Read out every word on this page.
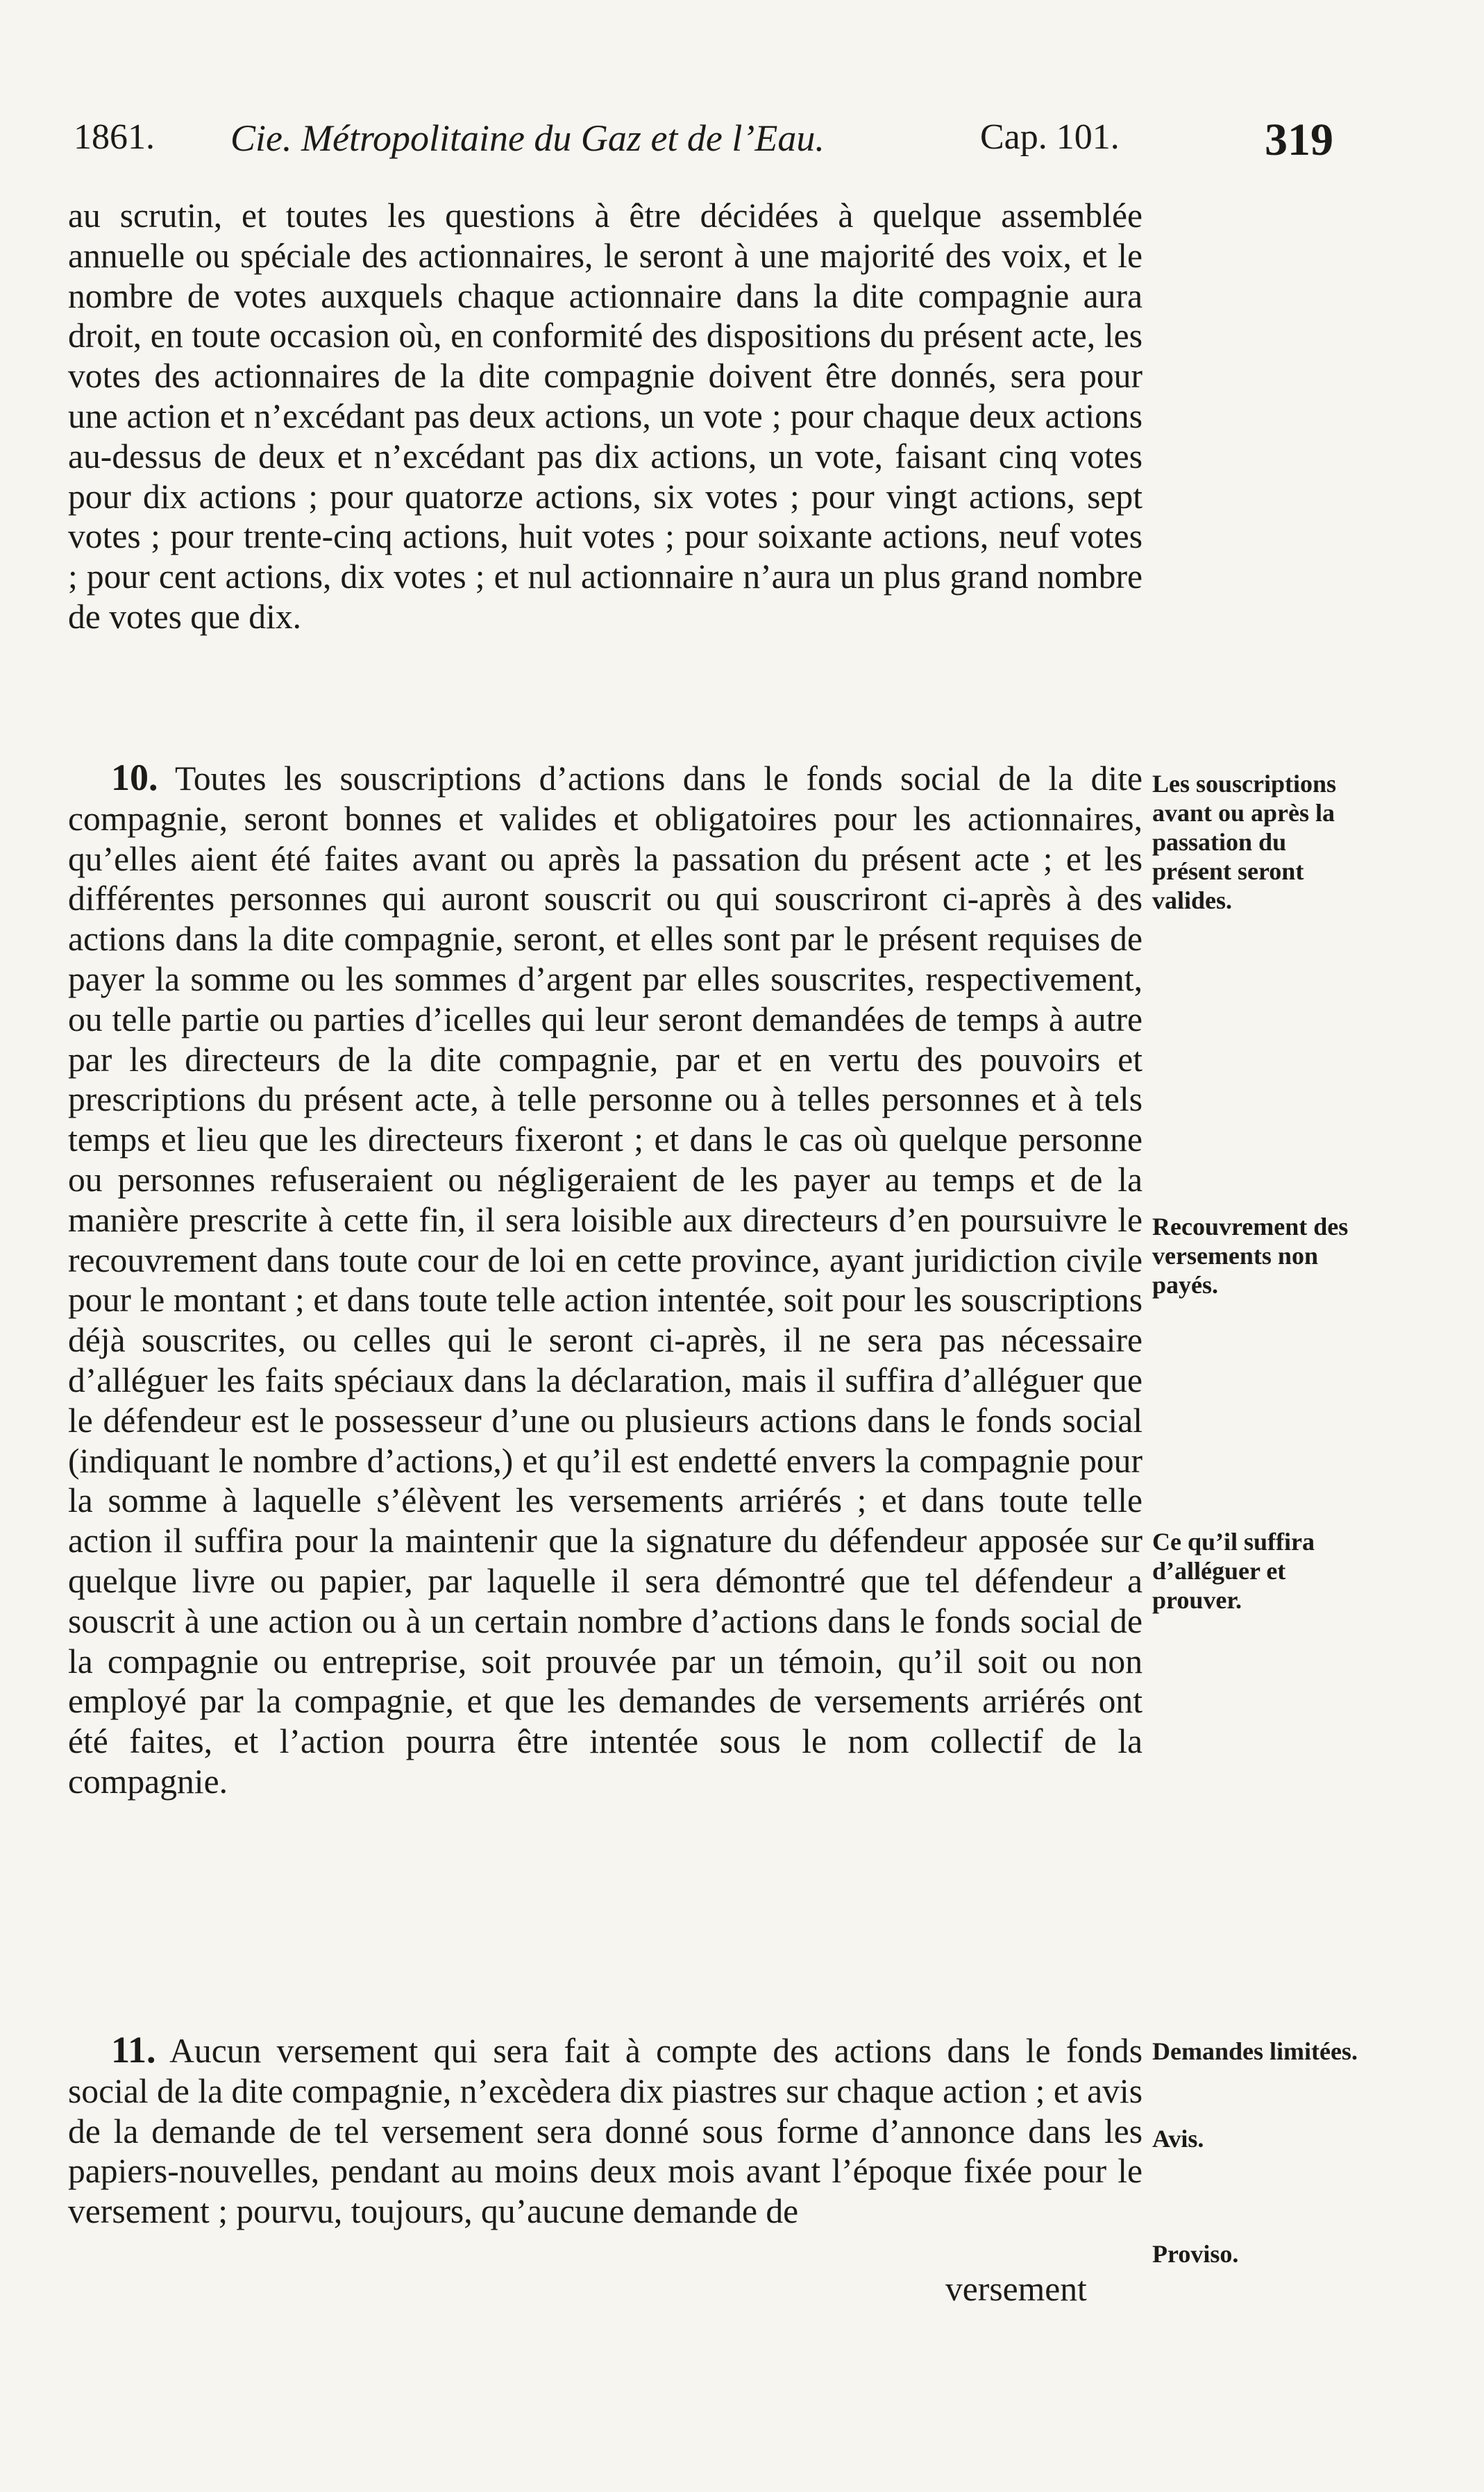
1861. Cie. Métropolitaine du Gaz et de l’Eau.	Cap. 101.	319
au scrutin, et toutes les questions à être décidées à quelque assemblée annuelle ou spéciale des actionnaires, le seront à une majorité des voix, et le nombre de votes auxquels chaque actionnaire dans la dite compagnie aura droit, en toute occasion où, en conformité des dispositions du présent acte, les votes des actionnaires de la dite compagnie doivent être donnés, sera pour une action et n’excédant pas deux actions, un vote ; pour chaque deux actions au-dessus de deux et n’excédant pas dix actions, un vote, faisant cinq votes pour dix actions ; pour quatorze actions, six votes ; pour vingt actions, sept votes ; pour trente-cinq actions, huit votes ; pour soixante actions, neuf votes ; pour cent actions, dix votes ; et nul actionnaire n’aura un plus grand nombre de votes que dix.
10. Toutes les souscriptions d’actions dans le fonds social de la dite compagnie, seront bonnes et valides et obligatoires pour les actionnaires, qu’elles aient été faites avant ou après la passation du présent acte ; et les différentes personnes qui auront souscrit ou qui souscriront ci-après à des actions dans la dite compagnie, seront, et elles sont par le présent requises de payer la somme ou les sommes d’argent par elles souscrites, respectivement, ou telle partie ou parties d’icelles qui leur seront demandées de temps à autre par les directeurs de la dite compagnie, par et en vertu des pouvoirs et prescriptions du présent acte, à telle personne ou à telles personnes et à tels temps et lieu que les directeurs fixeront ; et dans le cas où quelque personne ou personnes refuseraient ou négligeraient de les payer au temps et de la manière prescrite à cette fin, il sera loisible aux directeurs d’en poursuivre le recouvrement dans toute cour de loi en cette province, ayant juridiction civile pour le montant ; et dans toute telle action intentée, soit pour les souscriptions déjà souscrites, ou celles qui le seront ci-après, il ne sera pas nécessaire d’alléguer les faits spéciaux dans la déclaration, mais il suffira d’alléguer que le défendeur est le possesseur d’une ou plusieurs actions dans le fonds social (indiquant le nombre d’actions,) et qu’il est endetté envers la compagnie pour la somme à laquelle s’élèvent les versements arriérés ; et dans toute telle action il suffira pour la maintenir que la signature du défendeur apposée sur quelque livre ou papier, par laquelle il sera démontré que tel défendeur a souscrit à une action ou à un certain nombre d’actions dans le fonds social de la compagnie ou entreprise, soit prouvée par un témoin, qu’il soit ou non employé par la compagnie, et que les demandes de versements arriérés ont été faites, et l’action pourra être intentée sous le nom collectif de la compagnie.
11. Aucun versement qui sera fait à compte des actions dans le fonds social de la dite compagnie, n’excèdera dix piastres sur chaque action ; et avis de la demande de tel versement sera donné sous forme d’annonce dans les papiers-nouvelles, pendant au moins deux mois avant l’époque fixée pour le versement ; pourvu, toujours, qu’aucune demande de
versement
Les souscriptions avant ou après la passation du présent seront valides.
Recouvrement des versements non payés.
Ce qu’il suffira d’alléguer et prouver.
Demandes limitées.
Avis.
Proviso.
